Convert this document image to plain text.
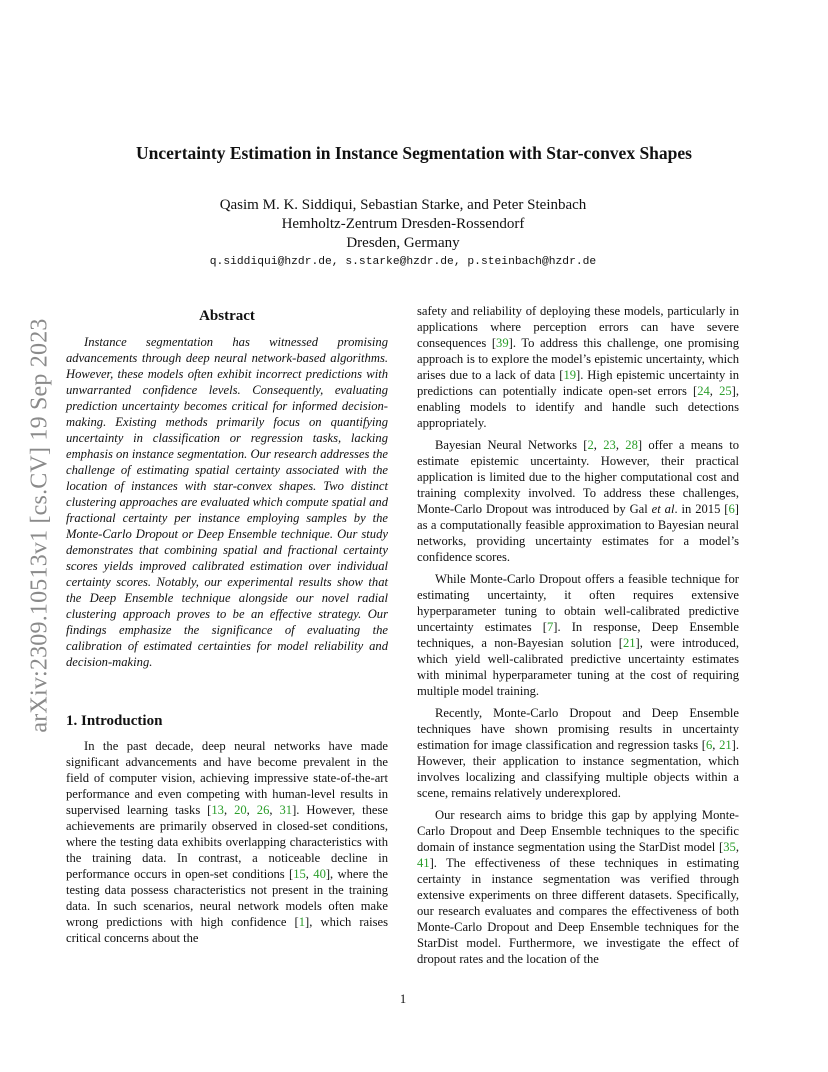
arXiv:2309.10513v1 [cs.CV] 19 Sep 2023
Uncertainty Estimation in Instance Segmentation with Star-convex Shapes
Qasim M. K. Siddiqui, Sebastian Starke, and Peter Steinbach
Hemholtz-Zentrum Dresden-Rossendorf
Dresden, Germany
q.siddiqui@hzdr.de, s.starke@hzdr.de, p.steinbach@hzdr.de
Abstract

Instance segmentation has witnessed promising advancements through deep neural network-based algorithms. However, these models often exhibit incorrect predictions with unwarranted confidence levels. Consequently, evaluating prediction uncertainty becomes critical for informed decision-making. Existing methods primarily focus on quantifying uncertainty in classification or regression tasks, lacking emphasis on instance segmentation. Our research addresses the challenge of estimating spatial certainty associated with the location of instances with star-convex shapes. Two distinct clustering approaches are evaluated which compute spatial and fractional certainty per instance employing samples by the Monte-Carlo Dropout or Deep Ensemble technique. Our study demonstrates that combining spatial and fractional certainty scores yields improved calibrated estimation over individual certainty scores. Notably, our experimental results show that the Deep Ensemble technique alongside our novel radial clustering approach proves to be an effective strategy. Our findings emphasize the significance of evaluating the calibration of estimated certainties for model reliability and decision-making.

1. Introduction

In the past decade, deep neural networks have made significant advancements and have become prevalent in the field of computer vision, achieving impressive state-of-the-art performance and even competing with human-level results in supervised learning tasks [13, 20, 26, 31]. However, these achievements are primarily observed in closed-set conditions, where the testing data exhibits overlapping characteristics with the training data. In contrast, a noticeable decline in performance occurs in open-set conditions [15, 40], where the testing data possess characteristics not present in the training data. In such scenarios, neural network models often make wrong predictions with high confidence [1], which raises critical concerns about the

safety and reliability of deploying these models, particularly in applications where perception errors can have severe consequences [39]. To address this challenge, one promising approach is to explore the model’s epistemic uncertainty, which arises due to a lack of data [19]. High epistemic uncertainty in predictions can potentially indicate open-set errors [24, 25], enabling models to identify and handle such detections appropriately.

Bayesian Neural Networks [2, 23, 28] offer a means to estimate epistemic uncertainty. However, their practical application is limited due to the higher computational cost and training complexity involved. To address these challenges, Monte-Carlo Dropout was introduced by Gal et al. in 2015 [6] as a computationally feasible approximation to Bayesian neural networks, providing uncertainty estimates for a model’s confidence scores.

While Monte-Carlo Dropout offers a feasible technique for estimating uncertainty, it often requires extensive hyperparameter tuning to obtain well-calibrated predictive uncertainty estimates [7]. In response, Deep Ensemble techniques, a non-Bayesian solution [21], were introduced, which yield well-calibrated predictive uncertainty estimates with minimal hyperparameter tuning at the cost of requiring multiple model training.

Recently, Monte-Carlo Dropout and Deep Ensemble techniques have shown promising results in uncertainty estimation for image classification and regression tasks [6, 21]. However, their application to instance segmentation, which involves localizing and classifying multiple objects within a scene, remains relatively underexplored.

Our research aims to bridge this gap by applying Monte-Carlo Dropout and Deep Ensemble techniques to the specific domain of instance segmentation using the StarDist model [35, 41]. The effectiveness of these techniques in estimating certainty in instance segmentation was verified through extensive experiments on three different datasets. Specifically, our research evaluates and compares the effectiveness of both Monte-Carlo Dropout and Deep Ensemble techniques for the StarDist model. Furthermore, we investigate the effect of dropout rates and the location of the

1
